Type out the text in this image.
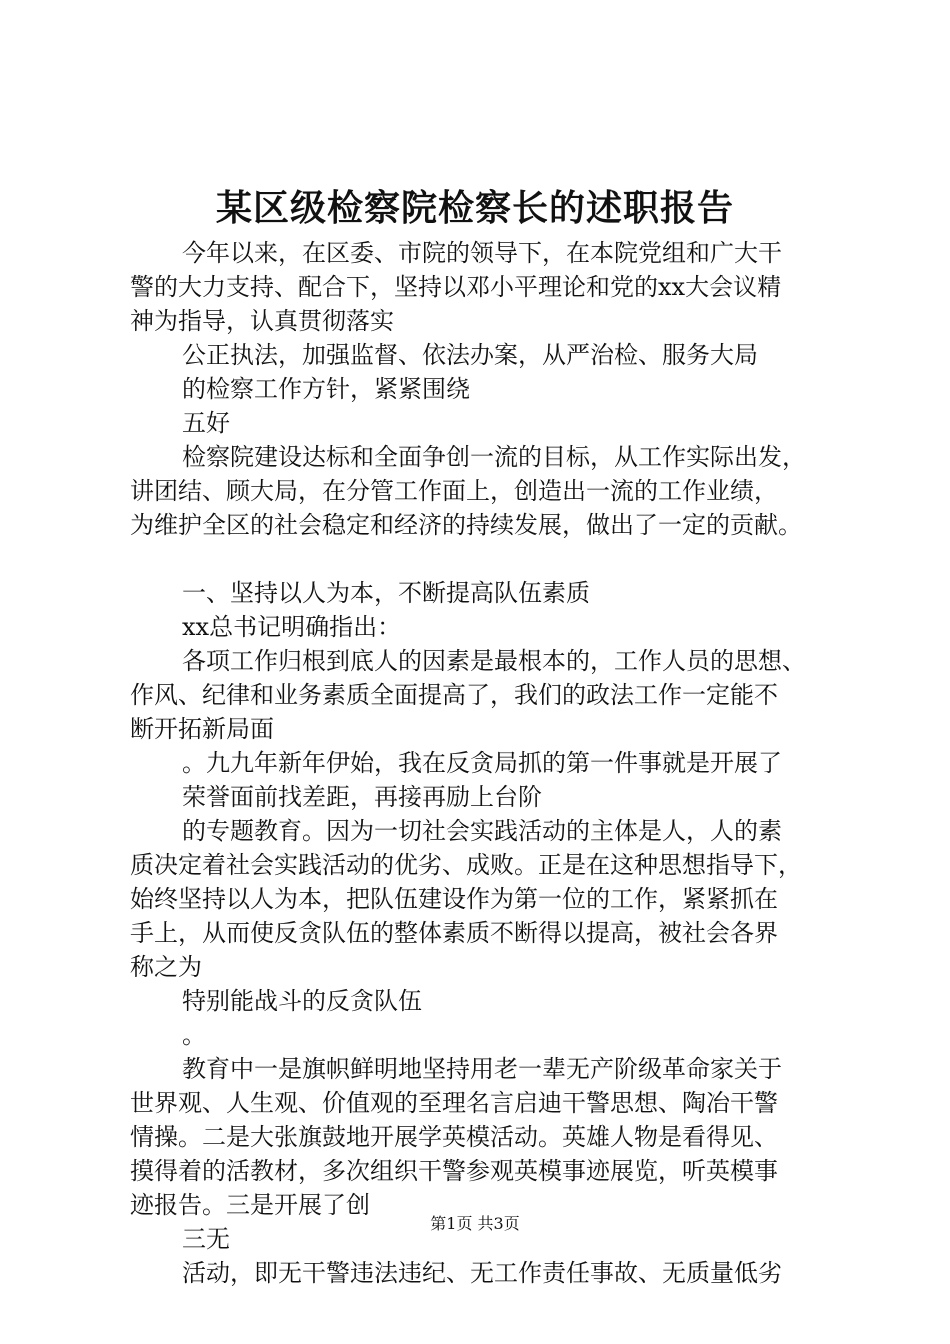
某区级检察院检察长的述职报告
今年以来，在区委、市院的领导下，在本院党组和广大干
警的大力支持、配合下，坚持以邓小平理论和党的xx大会议精
神为指导，认真贯彻落实
公正执法，加强监督、依法办案，从严治检、服务大局
的检察工作方针，紧紧围绕
五好
检察院建设达标和全面争创一流的目标，从工作实际出发，
讲团结、顾大局，在分管工作面上，创造出一流的工作业绩，
为维护全区的社会稳定和经济的持续发展，做出了一定的贡献。
一、坚持以人为本，不断提高队伍素质
xx总书记明确指出：
各项工作归根到底人的因素是最根本的，工作人员的思想、
作风、纪律和业务素质全面提高了，我们的政法工作一定能不
断开拓新局面
。九九年新年伊始，我在反贪局抓的第一件事就是开展了
荣誉面前找差距，再接再励上台阶
的专题教育。因为一切社会实践活动的主体是人，人的素
质决定着社会实践活动的优劣、成败。正是在这种思想指导下，
始终坚持以人为本，把队伍建设作为第一位的工作，紧紧抓在
手上，从而使反贪队伍的整体素质不断得以提高，被社会各界
称之为
特别能战斗的反贪队伍
。
教育中一是旗帜鲜明地坚持用老一辈无产阶级革命家关于
世界观、人生观、价值观的至理名言启迪干警思想、陶冶干警
情操。二是大张旗鼓地开展学英模活动。英雄人物是看得见、
摸得着的活教材，多次组织干警参观英模事迹展览，听英模事
迹报告。三是开展了创
三无
活动，即无干警违法违纪、无工作责任事故、无质量低劣
第1页 共3页
